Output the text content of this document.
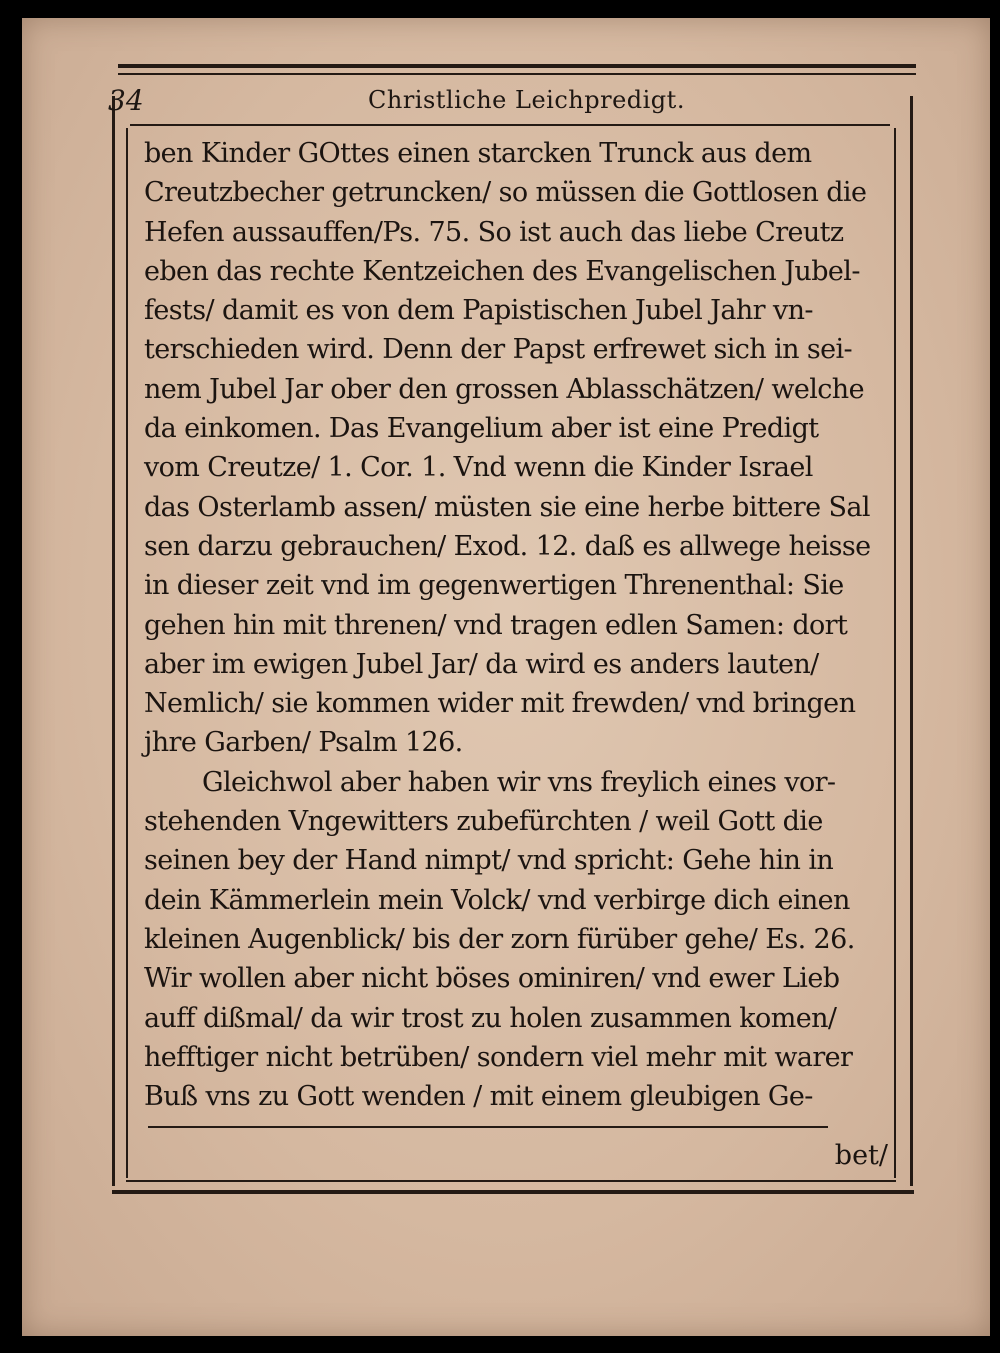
34	Christliche Leichpredigt.
ben Kinder GOttes einen starcken Trunck aus dem
Creutzbecher getruncken/ so müssen die Gottlosen die
Hefen aussauffen/Ps. 75. So ist auch das liebe Creutz
eben das rechte Kentzeichen des Evangelischen Jubel-
fests/ damit es von dem Papistischen Jubel Jahr vn-
terschieden wird. Denn der Papst erfrewet sich in sei-
nem Jubel Jar ober den grossen Ablasschätzen/ welche
da einkomen. Das Evangelium aber ist eine Predigt
vom Creutze/ 1. Cor. 1. Vnd wenn die Kinder Israel
das Osterlamb assen/ müsten sie eine herbe bittere Sal
sen darzu gebrauchen/ Exod. 12. daß es allwege heisse
in dieser zeit vnd im gegenwertigen Threnenthal: Sie
gehen hin mit threnen/ vnd tragen edlen Samen: dort
aber im ewigen Jubel Jar/ da wird es anders lauten/
Nemlich/ sie kommen wider mit frewden/ vnd bringen
jhre Garben/ Psalm 126.
Gleichwol aber haben wir vns freylich eines vor-
stehenden Vngewitters zubefürchten / weil Gott die
seinen bey der Hand nimpt/ vnd spricht: Gehe hin in
dein Kämmerlein mein Volck/ vnd verbirge dich einen
kleinen Augenblick/ bis der zorn fürüber gehe/ Es. 26.
Wir wollen aber nicht böses ominiren/ vnd ewer Lieb
auff dißmal/ da wir trost zu holen zusammen komen/
hefftiger nicht betrüben/ sondern viel mehr mit warer
Buß vns zu Gott wenden / mit einem gleubigen Ge-
bet/
